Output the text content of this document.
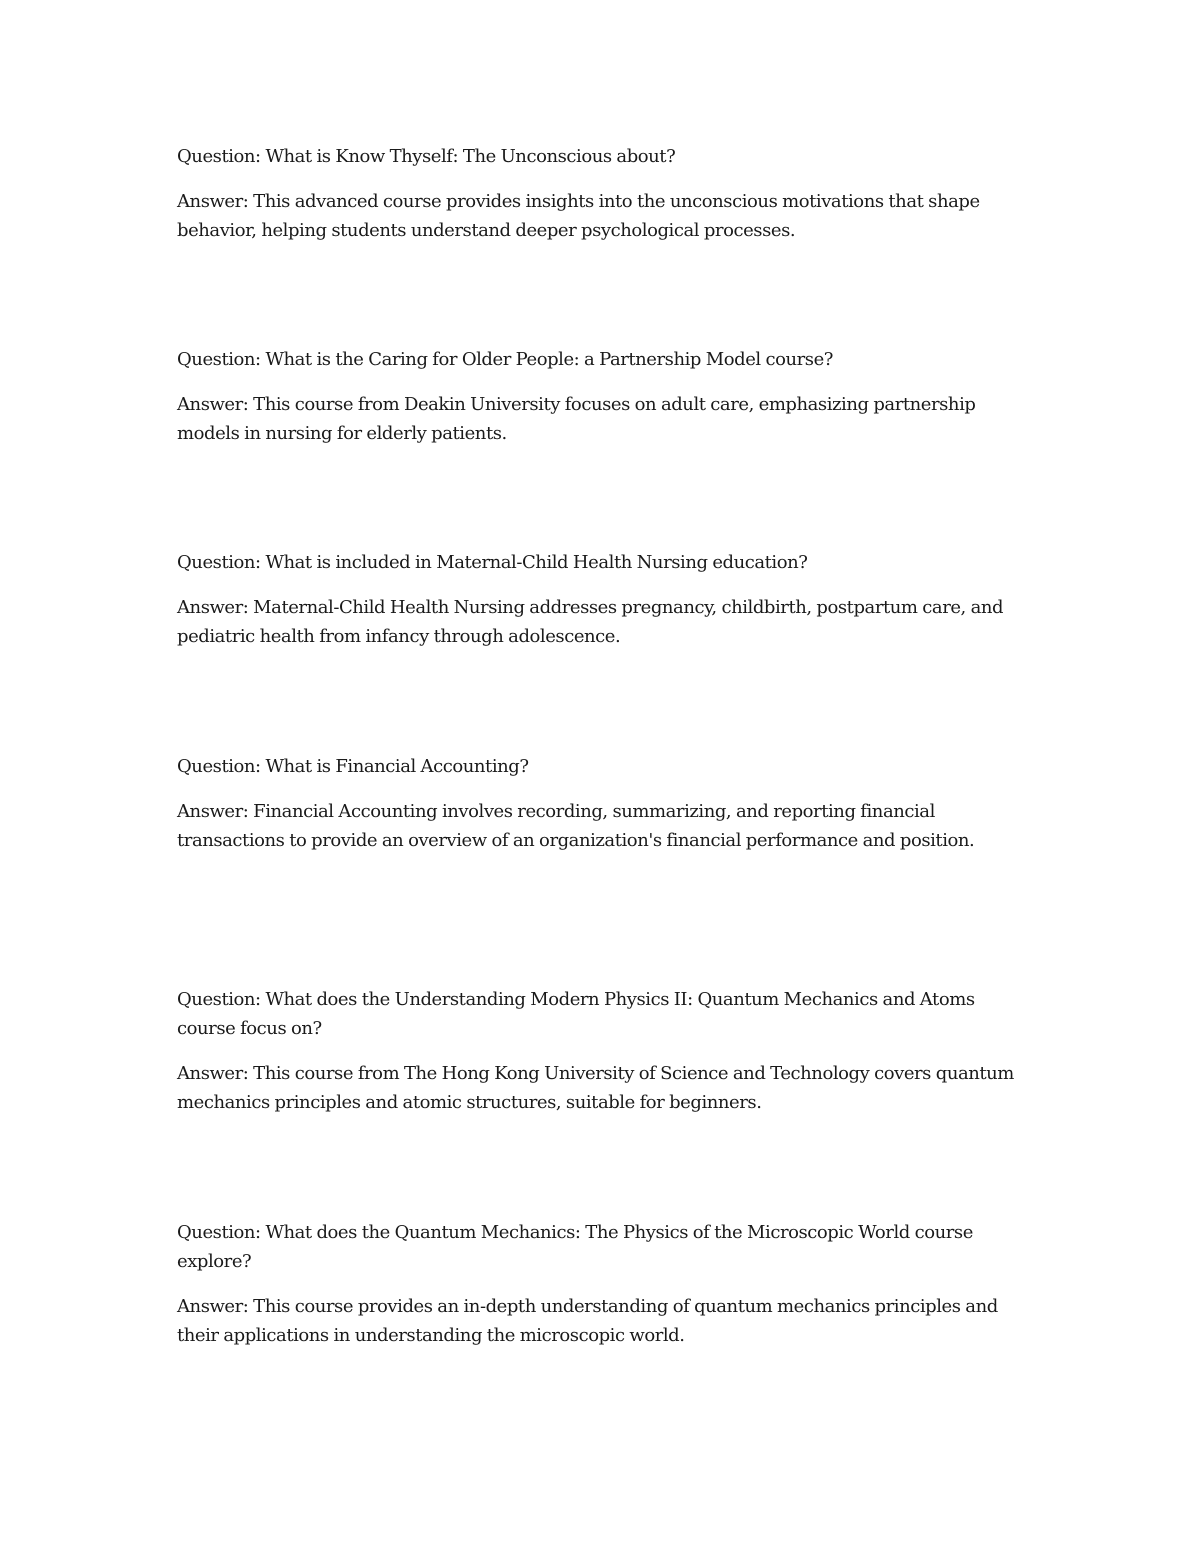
Question: What is Know Thyself: The Unconscious about?

Answer: This advanced course provides insights into the unconscious motivations that shape behavior, helping students understand deeper psychological processes.

Question: What is the Caring for Older People: a Partnership Model course?

Answer: This course from Deakin University focuses on adult care, emphasizing partnership models in nursing for elderly patients.

Question: What is included in Maternal-Child Health Nursing education?

Answer: Maternal-Child Health Nursing addresses pregnancy, childbirth, postpartum care, and pediatric health from infancy through adolescence.

Question: What is Financial Accounting?

Answer: Financial Accounting involves recording, summarizing, and reporting financial transactions to provide an overview of an organization's financial performance and position.

Question: What does the Understanding Modern Physics II: Quantum Mechanics and Atoms course focus on?

Answer: This course from The Hong Kong University of Science and Technology covers quantum mechanics principles and atomic structures, suitable for beginners.

Question: What does the Quantum Mechanics: The Physics of the Microscopic World course explore?

Answer: This course provides an in-depth understanding of quantum mechanics principles and their applications in understanding the microscopic world.
